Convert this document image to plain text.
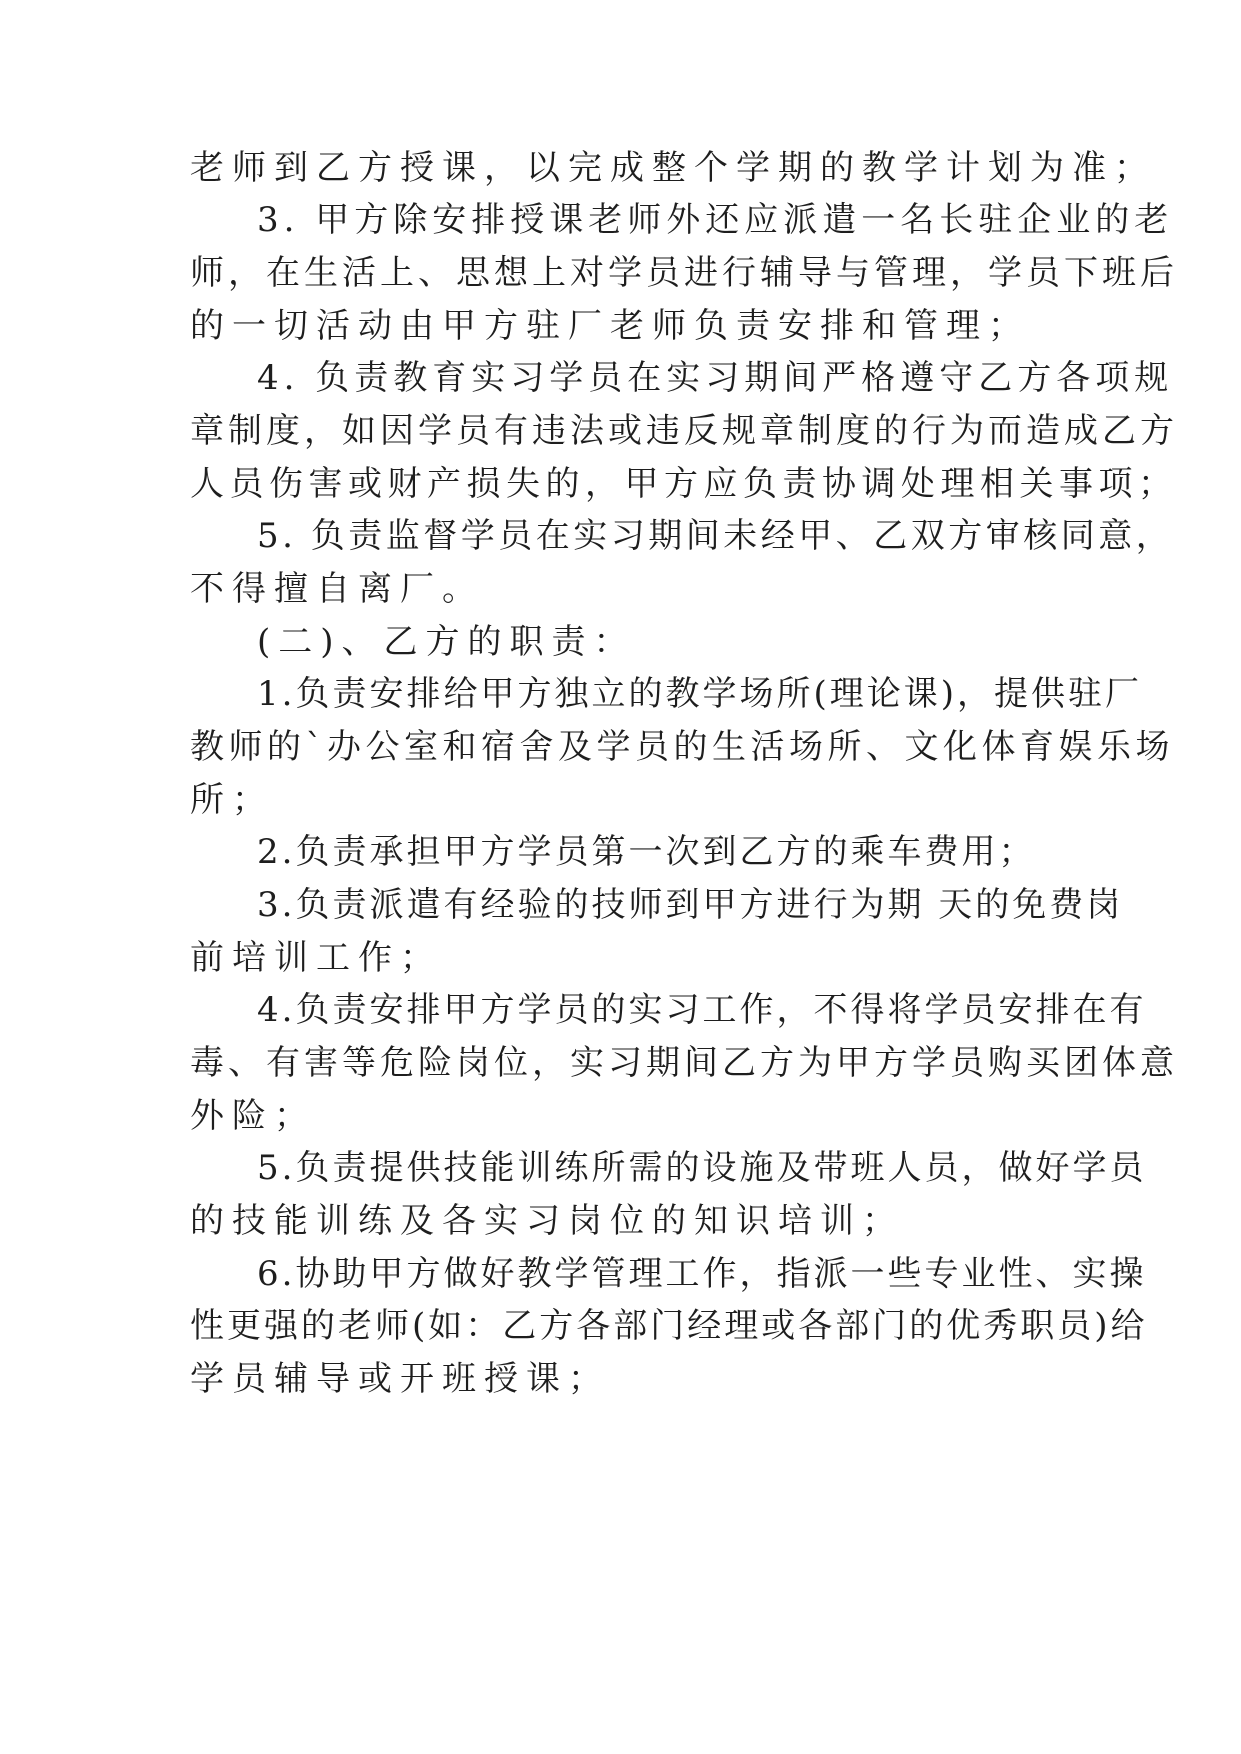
老师到乙方授课，以完成整个学期的教学计划为准；
3. 甲方除安排授课老师外还应派遣一名长驻企业的老
师，在生活上、思想上对学员进行辅导与管理，学员下班后
的一切活动由甲方驻厂老师负责安排和管理；
4. 负责教育实习学员在实习期间严格遵守乙方各项规
章制度，如因学员有违法或违反规章制度的行为而造成乙方
人员伤害或财产损失的，甲方应负责协调处理相关事项；
5. 负责监督学员在实习期间未经甲、乙双方审核同意，
不得擅自离厂。
(二)、乙方的职责：
1.负责安排给甲方独立的教学场所(理论课)，提供驻厂
教师的`办公室和宿舍及学员的生活场所、文化体育娱乐场
所；
2.负责承担甲方学员第一次到乙方的乘车费用；
3.负责派遣有经验的技师到甲方进行为期 天的免费岗
前培训工作；
4.负责安排甲方学员的实习工作，不得将学员安排在有
毒、有害等危险岗位，实习期间乙方为甲方学员购买团体意
外险；
5.负责提供技能训练所需的设施及带班人员，做好学员
的技能训练及各实习岗位的知识培训；
6.协助甲方做好教学管理工作，指派一些专业性、实操
性更强的老师(如：乙方各部门经理或各部门的优秀职员)给
学员辅导或开班授课；
